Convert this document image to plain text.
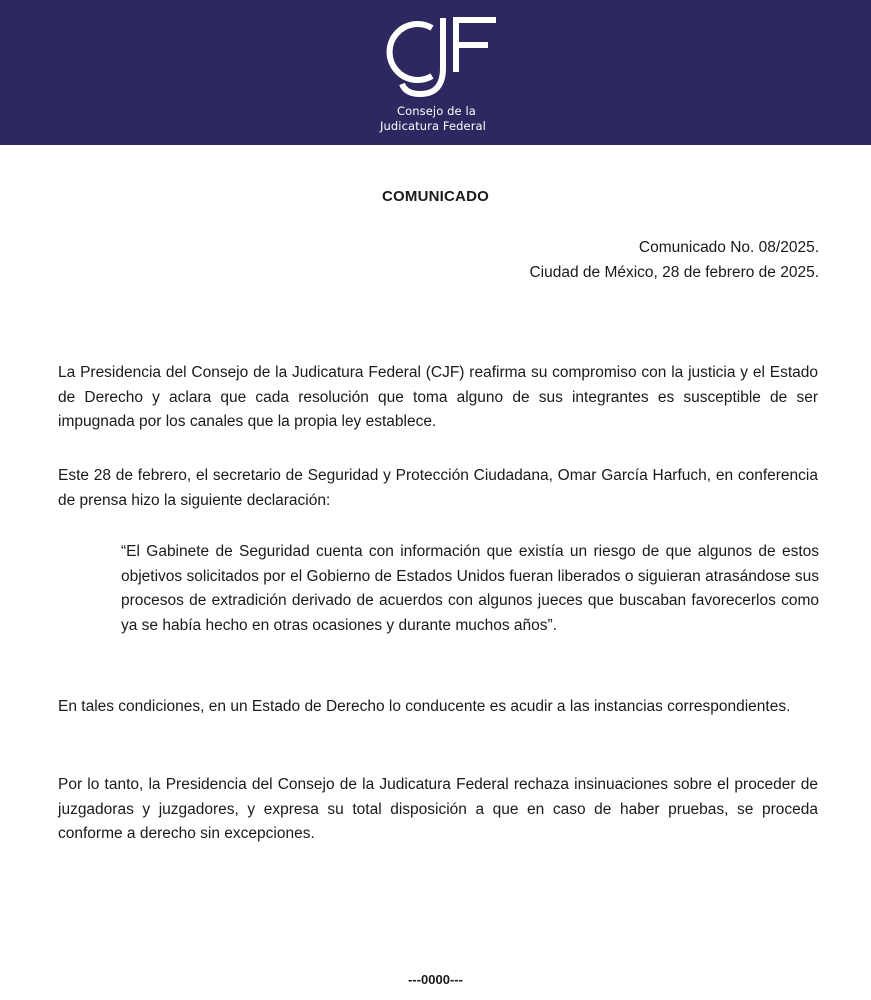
Consejo de la
Judicatura Federal
COMUNICADO
Comunicado No. 08/2025.
Ciudad de México, 28 de febrero de 2025.

La Presidencia del Consejo de la Judicatura Federal (CJF) reafirma su compromiso con la justicia y el Estado de Derecho y aclara que cada resolución que toma alguno de sus integrantes es susceptible de ser impugnada por los canales que la propia ley establece.

Este 28 de febrero, el secretario de Seguridad y Protección Ciudadana, Omar García Harfuch, en conferencia de prensa hizo la siguiente declaración:

“El Gabinete de Seguridad cuenta con información que existía un riesgo de que algunos de estos objetivos solicitados por el Gobierno de Estados Unidos fueran liberados o siguieran atrasándose sus procesos de extradición derivado de acuerdos con algunos jueces que buscaban favorecerlos como ya se había hecho en otras ocasiones y durante muchos años”.

En tales condiciones, en un Estado de Derecho lo conducente es acudir a las instancias correspondientes.

Por lo tanto, la Presidencia del Consejo de la Judicatura Federal rechaza insinuaciones sobre el proceder de juzgadoras y juzgadores, y expresa su total disposición a que en caso de haber pruebas, se proceda conforme a derecho sin excepciones.

---0000---
